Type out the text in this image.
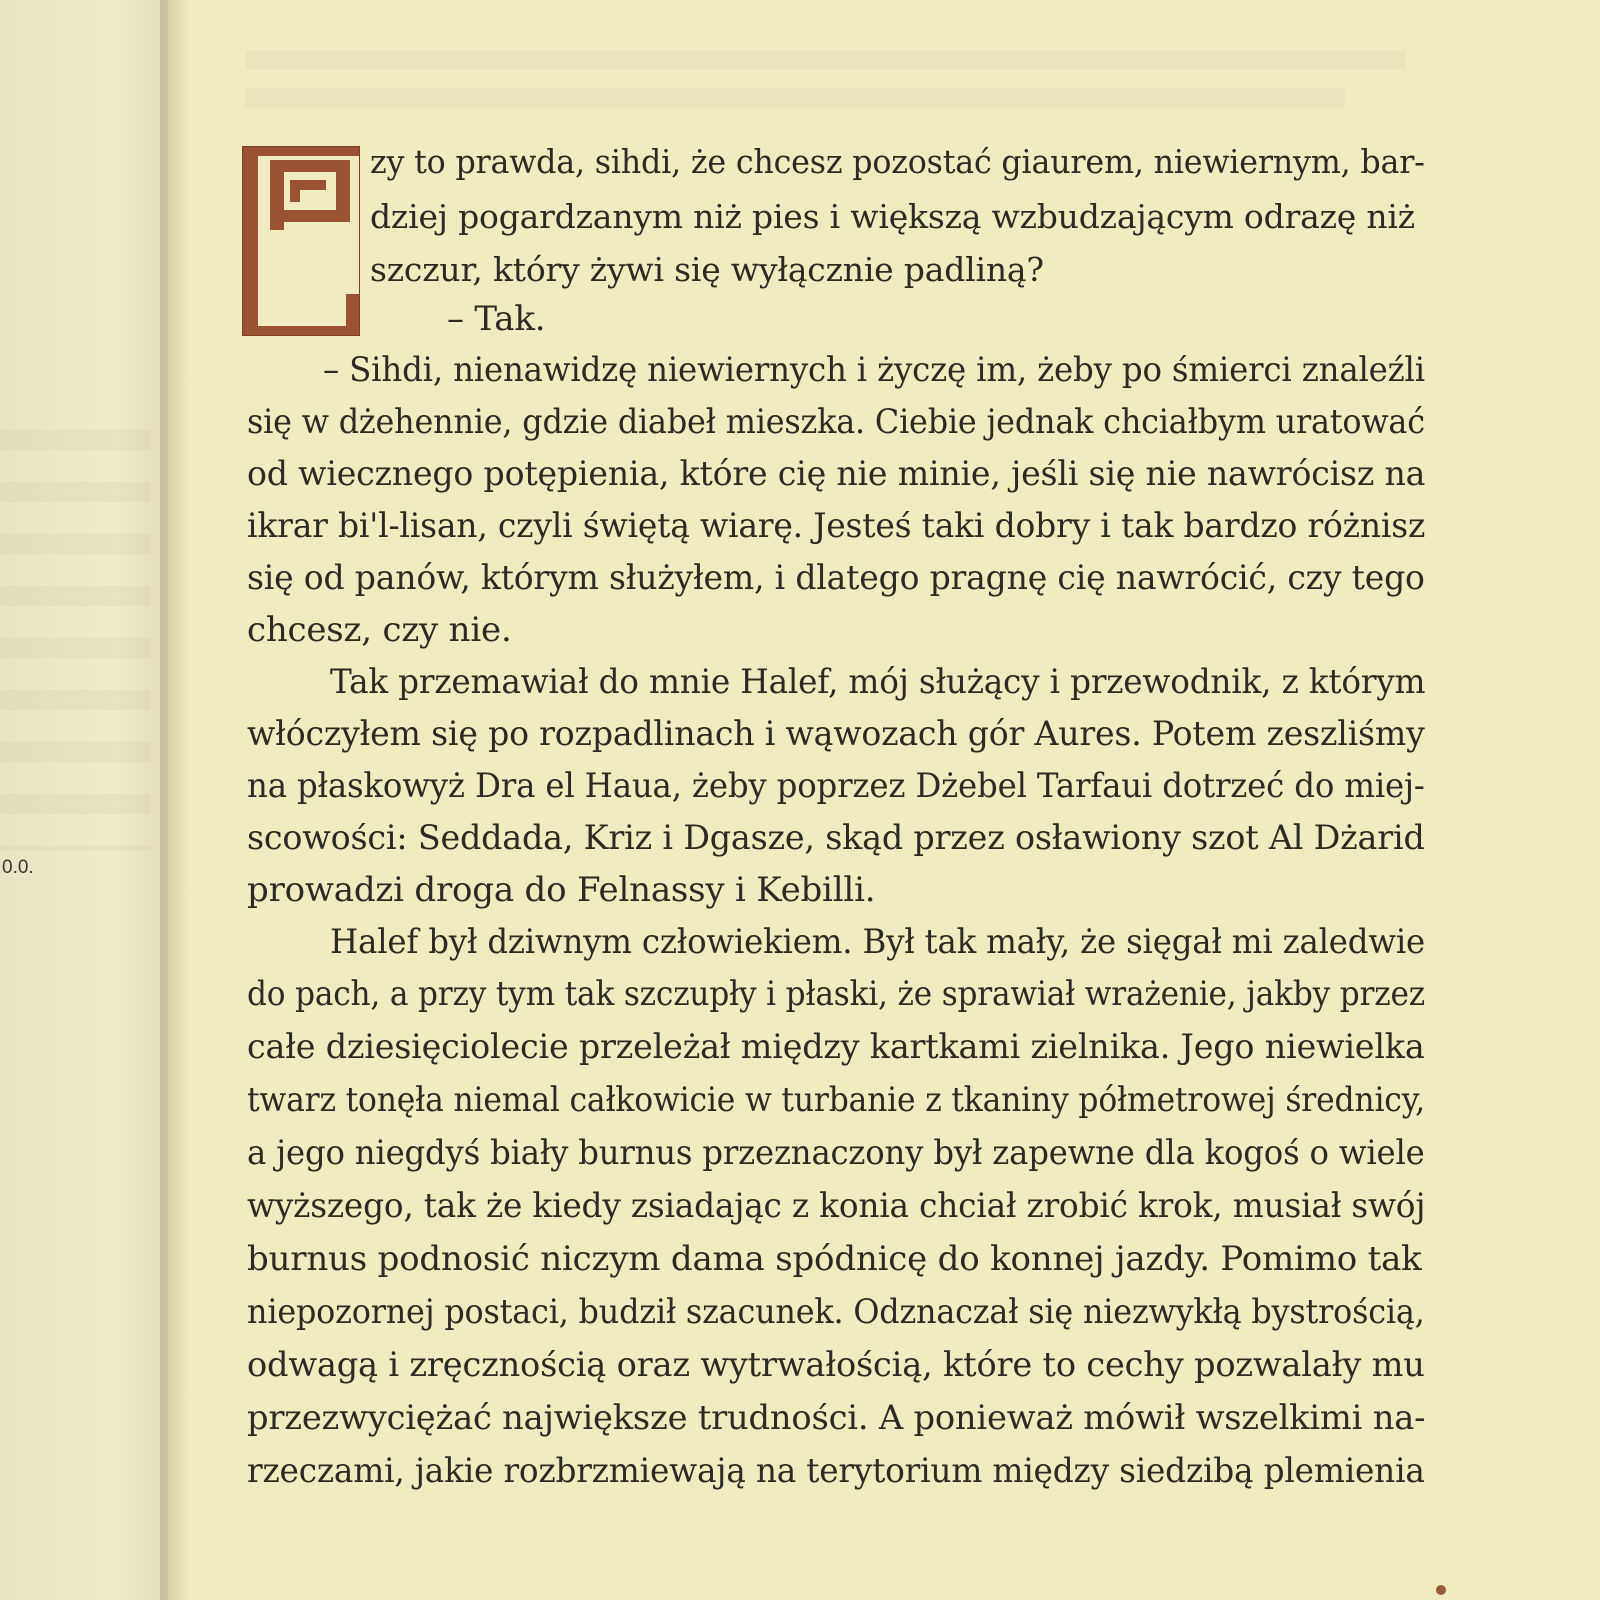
0.0.
zy to prawda, sihdi, że chcesz pozostać giaurem, niewiernym, bar-
dziej pogardzanym niż pies i większą wzbudzającym odrazę niż
szczur, który żywi się wyłącznie padliną?
– Tak.
– Sihdi, nienawidzę niewiernych i życzę im, żeby po śmierci znaleźli
się w dżehennie, gdzie diabeł mieszka. Ciebie jednak chciałbym uratować
od wiecznego potępienia, które cię nie minie, jeśli się nie nawrócisz na
ikrar bi'l-lisan, czyli świętą wiarę. Jesteś taki dobry i tak bardzo różnisz
się od panów, którym służyłem, i dlatego pragnę cię nawrócić, czy tego
chcesz, czy nie.
Tak przemawiał do mnie Halef, mój służący i przewodnik, z którym
włóczyłem się po rozpadlinach i wąwozach gór Aures. Potem zeszliśmy
na płaskowyż Dra el Haua, żeby poprzez Dżebel Tarfaui dotrzeć do miej-
scowości: Seddada, Kriz i Dgasze, skąd przez osławiony szot Al Dżarid
prowadzi droga do Felnassy i Kebilli.
Halef był dziwnym człowiekiem. Był tak mały, że sięgał mi zaledwie
do pach, a przy tym tak szczupły i płaski, że sprawiał wrażenie, jakby przez
całe dziesięciolecie przeleżał między kartkami zielnika. Jego niewielka
twarz tonęła niemal całkowicie w turbanie z tkaniny półmetrowej średnicy,
a jego niegdyś biały burnus przeznaczony był zapewne dla kogoś o wiele
wyższego, tak że kiedy zsiadając z konia chciał zrobić krok, musiał swój
burnus podnosić niczym dama spódnicę do konnej jazdy. Pomimo tak
niepozornej postaci, budził szacunek. Odznaczał się niezwykłą bystrością,
odwagą i zręcznością oraz wytrwałością, które to cechy pozwalały mu
przezwyciężać największe trudności. A ponieważ mówił wszelkimi na-
rzeczami, jakie rozbrzmiewają na terytorium między siedzibą plemienia
